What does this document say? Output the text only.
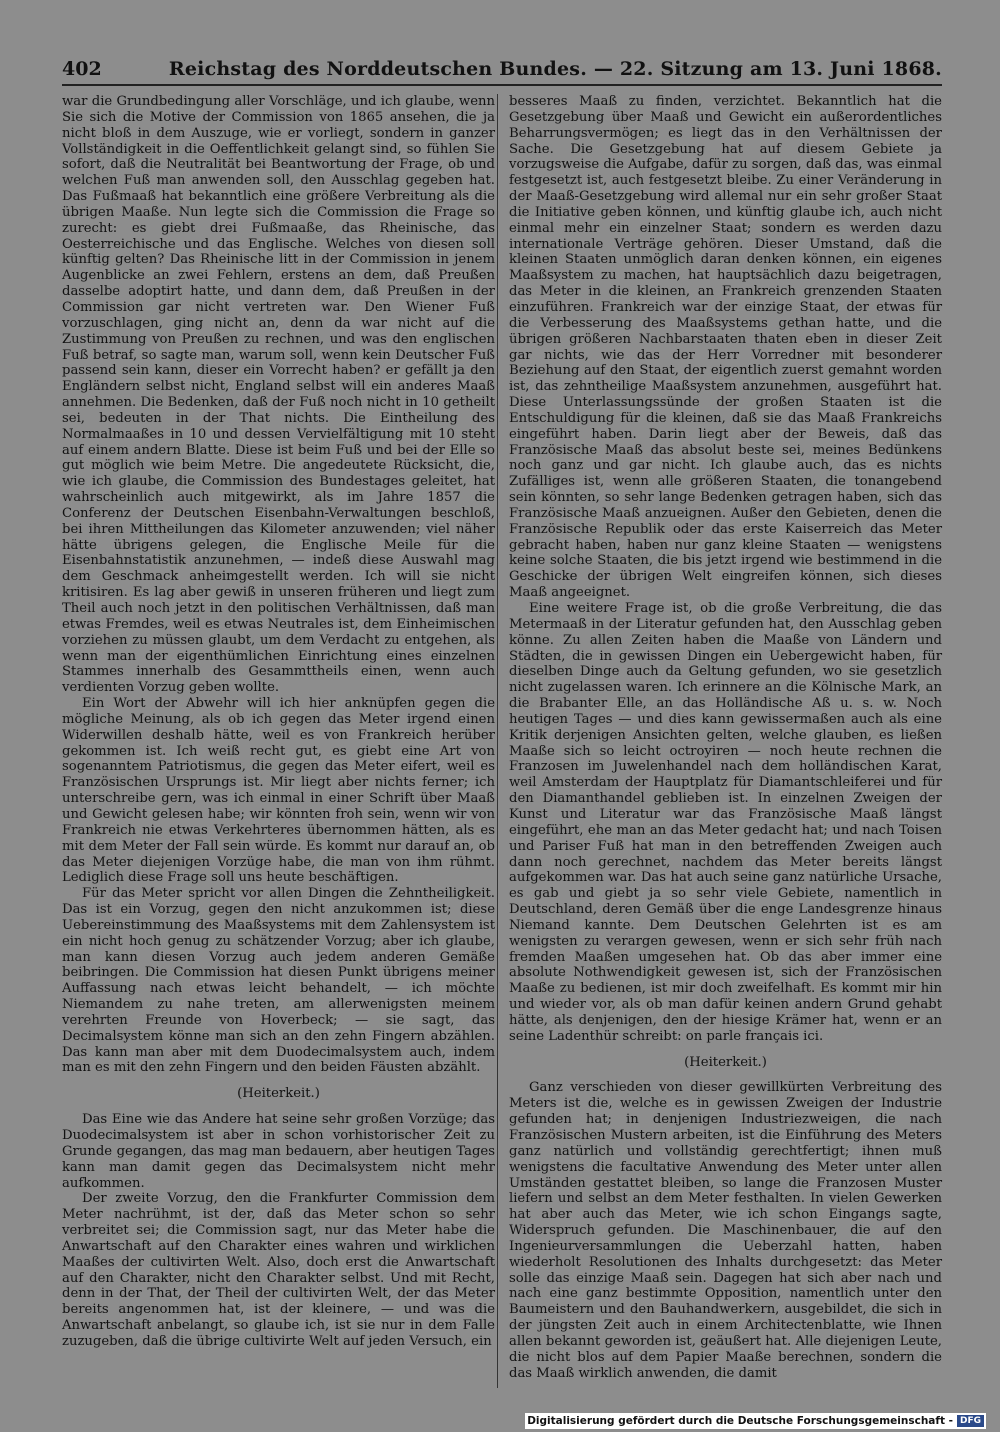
402	Reichstag des Norddeutschen Bundes. — 22. Sitzung am 13. Juni 1868.

war die Grundbedingung aller Vorschläge, und ich glaube, wenn Sie sich die Motive der Commission von 1865 ansehen, die ja nicht bloß in dem Auszuge, wie er vorliegt, sondern in ganzer Vollständigkeit in die Oeffentlichkeit gelangt sind, so fühlen Sie sofort, daß die Neutralität bei Beantwortung der Frage, ob und welchen Fuß man anwenden soll, den Ausschlag gegeben hat. Das Fußmaaß hat bekanntlich eine größere Verbreitung als die übrigen Maaße. Nun legte sich die Commission die Frage so zurecht: es giebt drei Fußmaaße, das Rheinische, das Oesterreichische und das Englische. Welches von diesen soll künftig gelten? Das Rheinische litt in der Commission in jenem Augenblicke an zwei Fehlern, erstens an dem, daß Preußen dasselbe adoptirt hatte, und dann dem, daß Preußen in der Commission gar nicht vertreten war. Den Wiener Fuß vorzuschlagen, ging nicht an, denn da war nicht auf die Zustimmung von Preußen zu rechnen, und was den englischen Fuß betraf, so sagte man, warum soll, wenn kein Deutscher Fuß passend sein kann, dieser ein Vorrecht haben? er gefällt ja den Engländern selbst nicht, England selbst will ein anderes Maaß annehmen. Die Bedenken, daß der Fuß noch nicht in 10 getheilt sei, bedeuten in der That nichts. Die Eintheilung des Normalmaaßes in 10 und dessen Vervielfältigung mit 10 steht auf einem andern Blatte. Diese ist beim Fuß und bei der Elle so gut möglich wie beim Metre. Die angedeutete Rücksicht, die, wie ich glaube, die Commission des Bundestages geleitet, hat wahrscheinlich auch mitgewirkt, als im Jahre 1857 die Conferenz der Deutschen Eisenbahn-Verwaltungen beschloß, bei ihren Mittheilungen das Kilometer anzuwenden; viel näher hätte übrigens gelegen, die Englische Meile für die Eisenbahnstatistik anzunehmen, — indeß diese Auswahl mag dem Geschmack anheimgestellt werden. Ich will sie nicht kritisiren. Es lag aber gewiß in unseren früheren und liegt zum Theil auch noch jetzt in den politischen Verhältnissen, daß man etwas Fremdes, weil es etwas Neutrales ist, dem Einheimischen vorziehen zu müssen glaubt, um dem Verdacht zu entgehen, als wenn man der eigenthümlichen Einrichtung eines einzelnen Stammes innerhalb des Gesammttheils einen, wenn auch verdienten Vorzug geben wollte.

Ein Wort der Abwehr will ich hier anknüpfen gegen die mögliche Meinung, als ob ich gegen das Meter irgend einen Widerwillen deshalb hätte, weil es von Frankreich herüber gekommen ist. Ich weiß recht gut, es giebt eine Art von sogenanntem Patriotismus, die gegen das Meter eifert, weil es Französischen Ursprungs ist. Mir liegt aber nichts ferner; ich unterschreibe gern, was ich einmal in einer Schrift über Maaß und Gewicht gelesen habe; wir könnten froh sein, wenn wir von Frankreich nie etwas Verkehrteres übernommen hätten, als es mit dem Meter der Fall sein würde. Es kommt nur darauf an, ob das Meter diejenigen Vorzüge habe, die man von ihm rühmt. Lediglich diese Frage soll uns heute beschäftigen.

Für das Meter spricht vor allen Dingen die Zehntheiligkeit. Das ist ein Vorzug, gegen den nicht anzukommen ist; diese Uebereinstimmung des Maaßsystems mit dem Zahlensystem ist ein nicht hoch genug zu schätzender Vorzug; aber ich glaube, man kann diesen Vorzug auch jedem anderen Gemäße beibringen. Die Commission hat diesen Punkt übrigens meiner Auffassung nach etwas leicht behandelt, — ich möchte Niemandem zu nahe treten, am allerwenigsten meinem verehrten Freunde von Hoverbeck; — sie sagt, das Decimalsystem könne man sich an den zehn Fingern abzählen. Das kann man aber mit dem Duodecimalsystem auch, indem man es mit den zehn Fingern und den beiden Fäusten abzählt.

(Heiterkeit.)

Das Eine wie das Andere hat seine sehr großen Vorzüge; das Duodecimalsystem ist aber in schon vorhistorischer Zeit zu Grunde gegangen, das mag man bedauern, aber heutigen Tages kann man damit gegen das Decimalsystem nicht mehr aufkommen.

Der zweite Vorzug, den die Frankfurter Commission dem Meter nachrühmt, ist der, daß das Meter schon so sehr verbreitet sei; die Commission sagt, nur das Meter habe die Anwartschaft auf den Charakter eines wahren und wirklichen Maaßes der cultivirten Welt. Also, doch erst die Anwartschaft auf den Charakter, nicht den Charakter selbst. Und mit Recht, denn in der That, der Theil der cultivirten Welt, der das Meter bereits angenommen hat, ist der kleinere, — und was die Anwartschaft anbelangt, so glaube ich, ist sie nur in dem Falle zuzugeben, daß die übrige cultivirte Welt auf jeden Versuch, ein

besseres Maaß zu finden, verzichtet. Bekanntlich hat die Gesetzgebung über Maaß und Gewicht ein außerordentliches Beharrungsvermögen; es liegt das in den Verhältnissen der Sache. Die Gesetzgebung hat auf diesem Gebiete ja vorzugsweise die Aufgabe, dafür zu sorgen, daß das, was einmal festgesetzt ist, auch festgesetzt bleibe. Zu einer Veränderung in der Maaß-Gesetzgebung wird allemal nur ein sehr großer Staat die Initiative geben können, und künftig glaube ich, auch nicht einmal mehr ein einzelner Staat; sondern es werden dazu internationale Verträge gehören. Dieser Umstand, daß die kleinen Staaten unmöglich daran denken können, ein eigenes Maaßsystem zu machen, hat hauptsächlich dazu beigetragen, das Meter in die kleinen, an Frankreich grenzenden Staaten einzuführen. Frankreich war der einzige Staat, der etwas für die Verbesserung des Maaßsystems gethan hatte, und die übrigen größeren Nachbarstaaten thaten eben in dieser Zeit gar nichts, wie das der Herr Vorredner mit besonderer Beziehung auf den Staat, der eigentlich zuerst gemahnt worden ist, das zehntheilige Maaßsystem anzunehmen, ausgeführt hat. Diese Unterlassungssünde der großen Staaten ist die Entschuldigung für die kleinen, daß sie das Maaß Frankreichs eingeführt haben. Darin liegt aber der Beweis, daß das Französische Maaß das absolut beste sei, meines Bedünkens noch ganz und gar nicht. Ich glaube auch, das es nichts Zufälliges ist, wenn alle größeren Staaten, die tonangebend sein könnten, so sehr lange Bedenken getragen haben, sich das Französische Maaß anzueignen. Außer den Gebieten, denen die Französische Republik oder das erste Kaiserreich das Meter gebracht haben, haben nur ganz kleine Staaten — wenigstens keine solche Staaten, die bis jetzt irgend wie bestimmend in die Geschicke der übrigen Welt eingreifen können, sich dieses Maaß angeeignet.

Eine weitere Frage ist, ob die große Verbreitung, die das Metermaaß in der Literatur gefunden hat, den Ausschlag geben könne. Zu allen Zeiten haben die Maaße von Ländern und Städten, die in gewissen Dingen ein Uebergewicht haben, für dieselben Dinge auch da Geltung gefunden, wo sie gesetzlich nicht zugelassen waren. Ich erinnere an die Kölnische Mark, an die Brabanter Elle, an das Holländische Aß u. s. w. Noch heutigen Tages — und dies kann gewissermaßen auch als eine Kritik derjenigen Ansichten gelten, welche glauben, es ließen Maaße sich so leicht octroyiren — noch heute rechnen die Franzosen im Juwelenhandel nach dem holländischen Karat, weil Amsterdam der Hauptplatz für Diamantschleiferei und für den Diamanthandel geblieben ist. In einzelnen Zweigen der Kunst und Literatur war das Französische Maaß längst eingeführt, ehe man an das Meter gedacht hat; und nach Toisen und Pariser Fuß hat man in den betreffenden Zweigen auch dann noch gerechnet, nachdem das Meter bereits längst aufgekommen war. Das hat auch seine ganz natürliche Ursache, es gab und giebt ja so sehr viele Gebiete, namentlich in Deutschland, deren Gemäß über die enge Landesgrenze hinaus Niemand kannte. Dem Deutschen Gelehrten ist es am wenigsten zu verargen gewesen, wenn er sich sehr früh nach fremden Maaßen umgesehen hat. Ob das aber immer eine absolute Nothwendigkeit gewesen ist, sich der Französischen Maaße zu bedienen, ist mir doch zweifelhaft. Es kommt mir hin und wieder vor, als ob man dafür keinen andern Grund gehabt hätte, als denjenigen, den der hiesige Krämer hat, wenn er an seine Ladenthür schreibt: on parle français ici.

(Heiterkeit.)

Ganz verschieden von dieser gewillkürten Verbreitung des Meters ist die, welche es in gewissen Zweigen der Industrie gefunden hat; in denjenigen Industriezweigen, die nach Französischen Mustern arbeiten, ist die Einführung des Meters ganz natürlich und vollständig gerechtfertigt; ihnen muß wenigstens die facultative Anwendung des Meter unter allen Umständen gestattet bleiben, so lange die Franzosen Muster liefern und selbst an dem Meter festhalten. In vielen Gewerken hat aber auch das Meter, wie ich schon Eingangs sagte, Widerspruch gefunden. Die Maschinenbauer, die auf den Ingenieurversammlungen die Ueberzahl hatten, haben wiederholt Resolutionen des Inhalts durchgesetzt: das Meter solle das einzige Maaß sein. Dagegen hat sich aber nach und nach eine ganz bestimmte Opposition, namentlich unter den Baumeistern und den Bauhandwerkern, ausgebildet, die sich in der jüngsten Zeit auch in einem Architectenblatte, wie Ihnen allen bekannt geworden ist, geäußert hat. Alle diejenigen Leute, die nicht blos auf dem Papier Maaße berechnen, sondern die das Maaß wirklich anwenden, die damit

Digitalisierung gefördert durch die Deutsche Forschungsgemeinschaft - DFG
